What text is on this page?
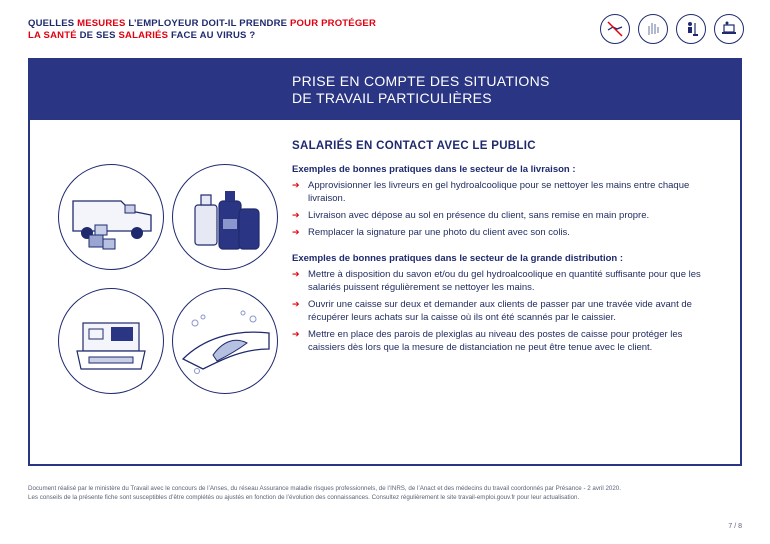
QUELLES MESURES L’EMPLOYEUR DOIT-IL PRENDRE POUR PROTÉGER
LA SANTÉ DE SES SALARIÉS FACE AU VIRUS ?
PRISE EN COMPTE DES SITUATIONS
DE TRAVAIL PARTICULIÈRES
SALARIÉS EN CONTACT AVEC LE PUBLIC
Exemples de bonnes pratiques dans le secteur de la livraison :
➔ Approvisionner les livreurs en gel hydroalcoolique pour se nettoyer les mains entre chaque livraison.
➔ Livraison avec dépose au sol en présence du client, sans remise en main propre.
➔ Remplacer la signature par une photo du client avec son colis.
Exemples de bonnes pratiques dans le secteur de la grande distribution :
➔ Mettre à disposition du savon et/ou du gel hydroalcoolique en quantité suffisante pour que les salariés puissent régulièrement se nettoyer les mains.
➔ Ouvrir une caisse sur deux et demander aux clients de passer par une travée vide avant de récupérer leurs achats sur la caisse où ils ont été scannés par le caissier.
➔ Mettre en place des parois de plexiglas au niveau des postes de caisse pour protéger les caissiers dès lors que la mesure de distanciation ne peut être tenue avec le client.
Document réalisé par le ministère du Travail avec le concours de l’Anses, du réseau Assurance maladie risques professionnels, de l’INRS, de l’Anact et des médecins du travail coordonnés par Présance - 2 avril 2020.
Les conseils de la présente fiche sont susceptibles d’être complétés ou ajustés en fonction de l’évolution des connaissances. Consultez régulièrement le site travail-emploi.gouv.fr pour leur actualisation.
7 / 8
